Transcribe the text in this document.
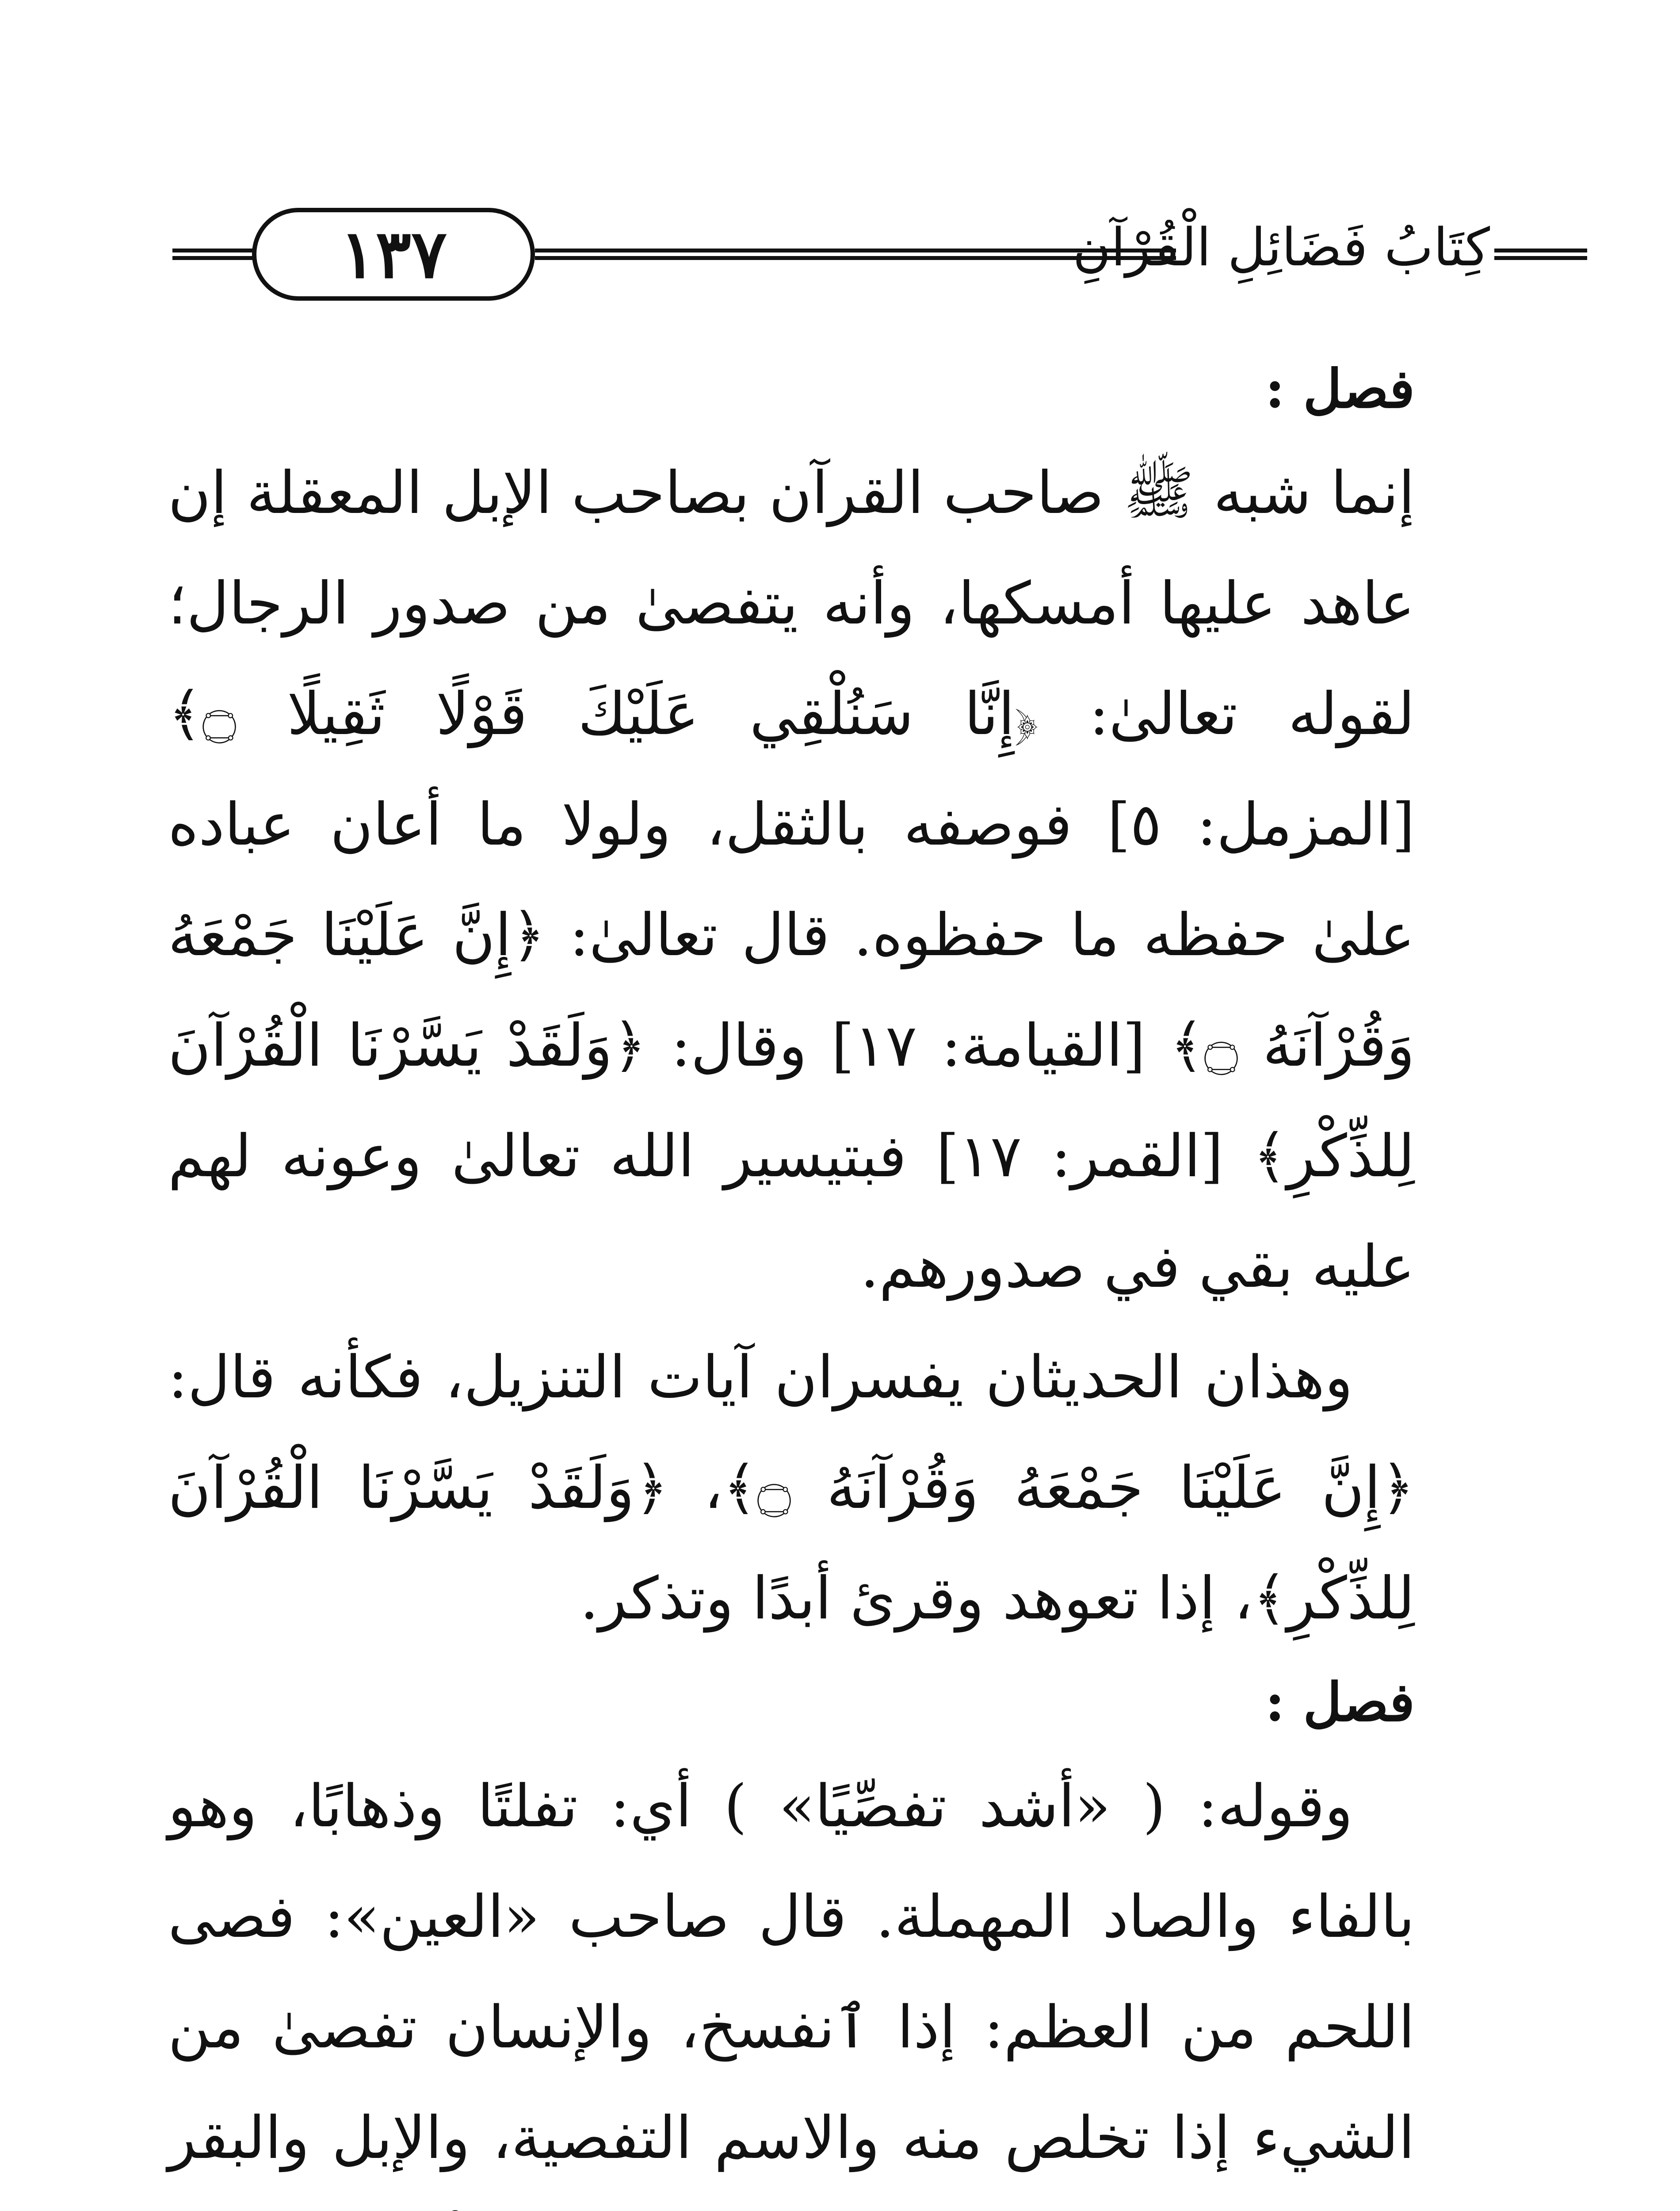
١٣٧	كِتَابُ فَضَائِلِ الْقُرْآنِ

فصل :

إنما شبه ﷺ صاحب القرآن بصاحب الإبل المعقلة إن عاهد عليها أمسكها، وأنه يتفصىٰ من صدور الرجال؛ لقوله تعالىٰ: ﴿إِنَّا سَنُلْقِي عَلَيْكَ قَوْلًا ثَقِيلًا ۝﴾ [المزمل: ٥] فوصفه بالثقل، ولولا ما أعان عباده علىٰ حفظه ما حفظوه. قال تعالىٰ: ﴿إِنَّ عَلَيْنَا جَمْعَهُ وَقُرْآنَهُ ۝﴾ [القيامة: ١٧] وقال: ﴿وَلَقَدْ يَسَّرْنَا الْقُرْآنَ لِلذِّكْرِ﴾ [القمر: ١٧] فبتيسير الله تعالىٰ وعونه لهم عليه بقي في صدورهم.

وهذان الحديثان يفسران آيات التنزيل، فكأنه قال: ﴿إِنَّ عَلَيْنَا جَمْعَهُ وَقُرْآنَهُ ۝﴾، ﴿وَلَقَدْ يَسَّرْنَا الْقُرْآنَ لِلذِّكْرِ﴾، إذا تعوهد وقرئ أبدًا وتذكر.

فصل :

وقوله: ( «أشد تفصِّيًا» ) أي: تفلتًا وذهابًا، وهو بالفاء والصاد المهملة. قال صاحب «العين»: فصى اللحم من العظم: إذا ٱنفسخ، والإنسان تفصىٰ من الشيء إذا تخلص منه والاسم التفصية، والإبل والبقر
